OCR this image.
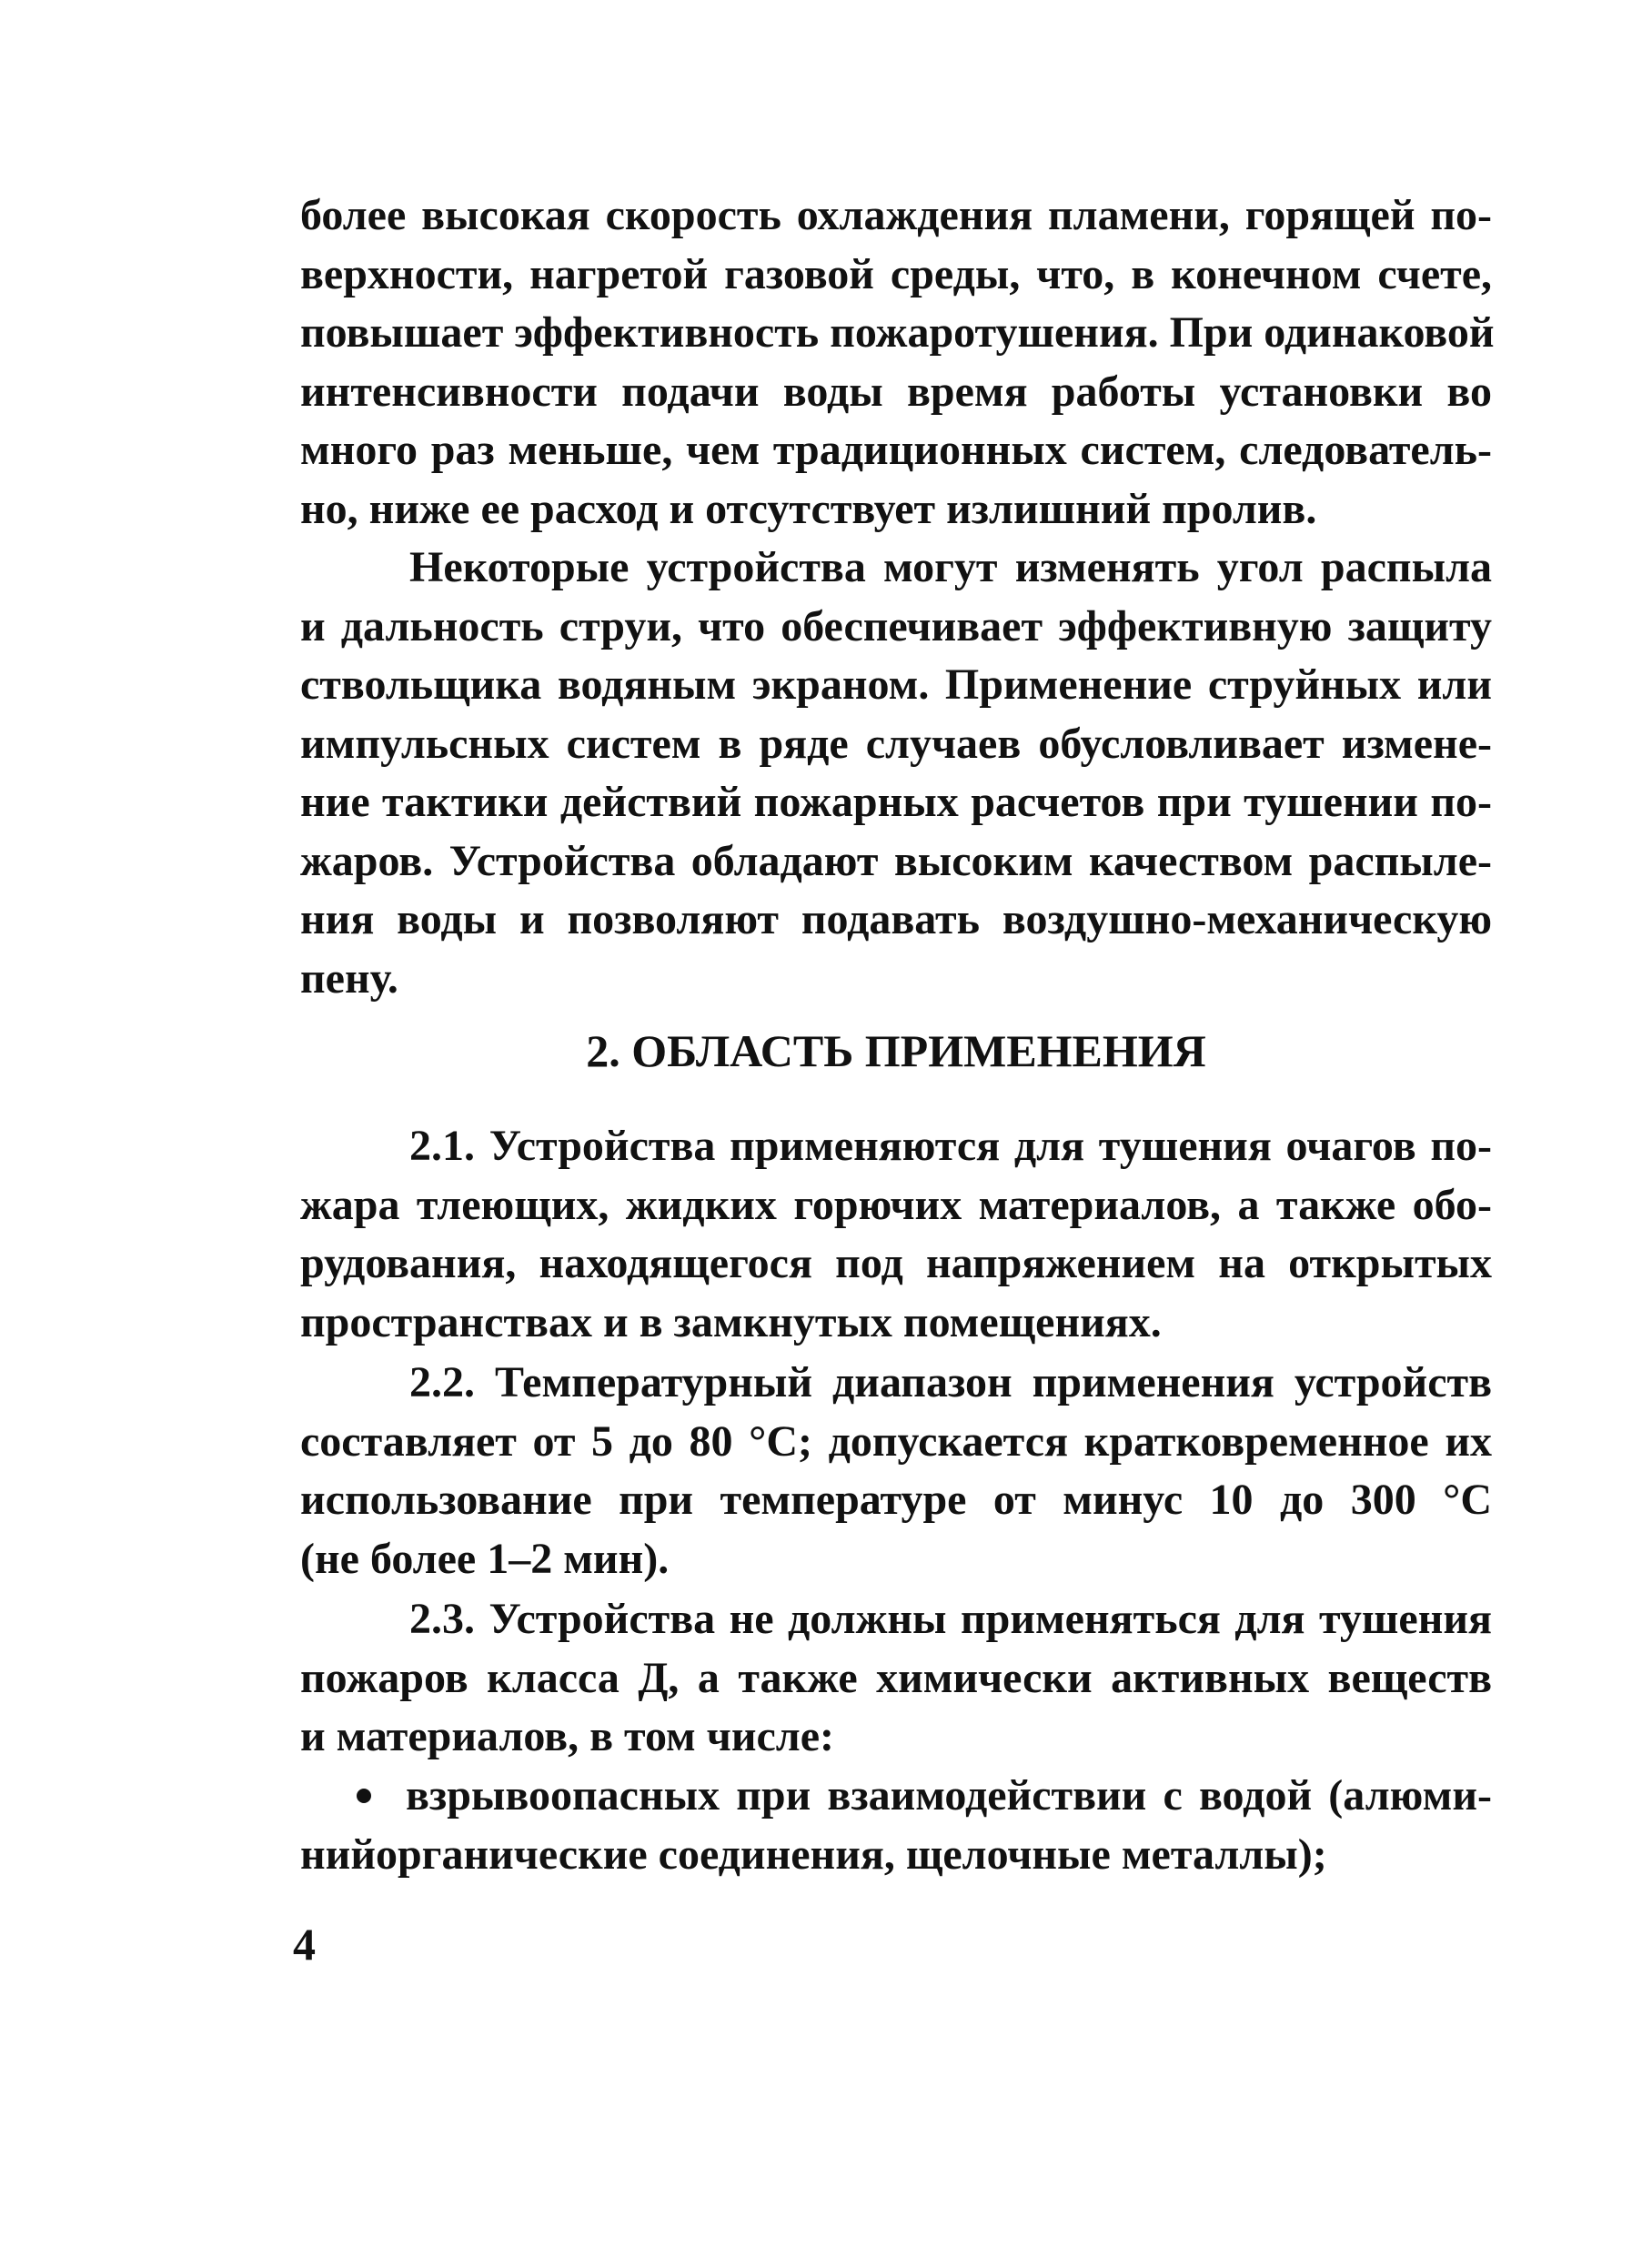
более высокая скорость охлаждения пламени, горящей по-
верхности, нагретой газовой среды, что, в конечном счете,
повышает эффективность пожаротушения. При одинаковой
интенсивности подачи воды время работы установки во
много раз меньше, чем традиционных систем, следователь-
но, ниже ее расход и отсутствует излишний пролив.
Некоторые устройства могут изменять угол распыла
и дальность струи, что обеспечивает эффективную защиту
ствольщика водяным экраном. Применение струйных или
импульсных систем в ряде случаев обусловливает измене-
ние тактики действий пожарных расчетов при тушении по-
жаров. Устройства обладают высоким качеством распыле-
ния воды и позволяют подавать воздушно-механическую
пену.
2. ОБЛАСТЬ ПРИМЕНЕНИЯ
2.1. Устройства применяются для тушения очагов по-
жара тлеющих, жидких горючих материалов, а также обо-
рудования, находящегося под напряжением на открытых
пространствах и в замкнутых помещениях.
2.2. Температурный диапазон применения устройств
составляет от 5 до 80 °С; допускается кратковременное их
использование при температуре от минус 10 до 300 °С
(не более 1–2 мин).
2.3. Устройства не должны применяться для тушения
пожаров класса Д, а также химически активных веществ
и материалов, в том числе:
взрывоопасных при взаимодействии с водой (алюми-
нийорганические соединения, щелочные металлы);
4
